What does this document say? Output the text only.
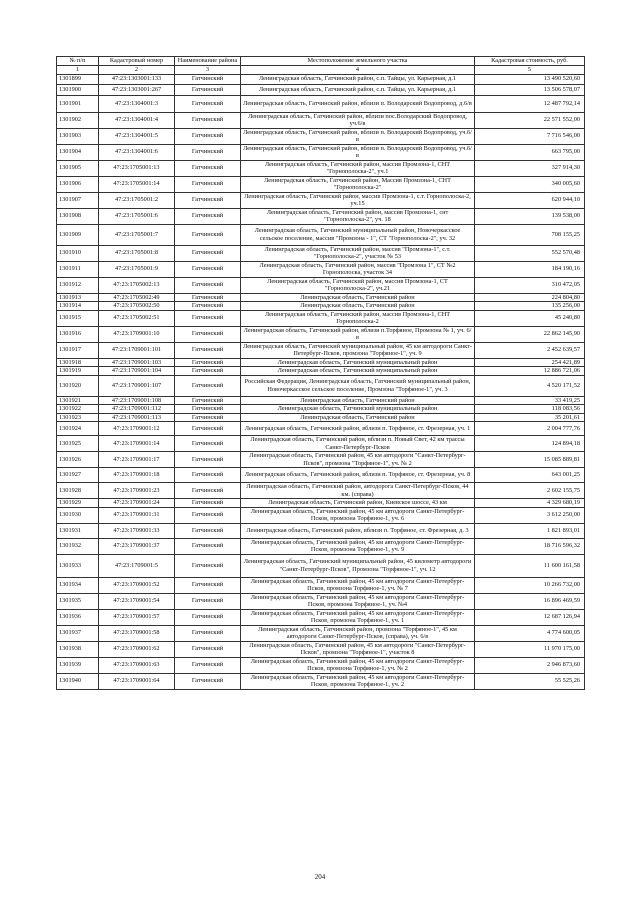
№ п/п	Кадастровый номер	Наименование района	Местоположение земельного участка	Кадастровая стоимость, руб.
1	2	3	4	5
1301899	47:23:1303001:133	Гатчинский	Ленинградская область, Гатчинский район, с.п. Тайцы, ул. Карьерная, д.1	13 490 520,60
1301900	47:23:1303001:267	Гатчинский	Ленинградская область, Гатчинский район, с.п. Тайцы, ул. Карьерная, д.1	13 506 578,07
1301901	47:23:1304001:3	Гатчинский	Ленинградская область, Гатчинский район, вблизи п. Володарский Водопровод, д.6/в	12 487 792,14
1301902	47:23:1304001:4	Гатчинский	Ленинградская область, Гатчинский район, вблизи пос.Володарский Водопровод, уч.6/в	22 571 552,00
1301903	47:23:1304001:5	Гатчинский	Ленинградская область, Гатчинский район, вблизи п. Володарский Водопровод, уч.6/в	7 716 546,00
1301904	47:23:1304001:6	Гатчинский	Ленинградская область, Гатчинский район, вблизи п. Володарский Водопровод, уч.6/в	663 795,00
1301905	47:23:1705001:13	Гатчинский	Ленинградская область, Гатчинский район, массив Промзона-1, СНТ "Горнополоска-2", уч.1	327 914,30
1301906	47:23:1705001:14	Гатчинский	Ленинградская область, Гатчинский район, Массив Промзона-1, СНТ "Горнополоска-2"	340 005,60
1301907	47:23:1705001:2	Гатчинский	Ленинградская область, Гатчинский район, массив Промзона-1, с.т. Горнополоска-2, уч.15	620 944,10
1301908	47:23:1705001:6	Гатчинский	Ленинградская область, Гатчинский район, массив Промзона-1, снт "Горнополоска-2", уч. 18	139 538,00
1301909	47:23:1705001:7	Гатчинский	Ленинградская область, Гатчинский муниципальный район, Новочеркасское сельское поселение, массив "Промзона - 1", СТ "Горнополоска-2", уч. 32	708 155,25
1301910	47:23:1705001:8	Гатчинский	Ленинградская область, Гатчинский район, массив "Промзона-1", с.т. "Горнополоска-2", участок № 53	552 570,48
1301911	47:23:1705001:9	Гатчинский	Ленинградская область, Гатчинский район, массив "Промзона 1", СТ №2 Горнополоска, участок 34	184 190,16
1301912	47:23:1705002:13	Гатчинский	Ленинградская область, Гатчинский район, массив Промзона-1, СТ "Горнополоска-2", уч.21	310 472,05
1301913	47:23:1705002:49	Гатчинский	Ленинградская область, Гатчинский район	224 804,80
1301914	47:23:1705002:50	Гатчинский	Ленинградская область, Гатчинский район	135 256,00
1301915	47:23:1705002:51	Гатчинский	Ленинградская область, Гатчинский район, массив Промзона-1, СНТ Горнополоска-2	45 240,80
1301916	47:23:1709001:10	Гатчинский	Ленинградская область, Гатчинский район, вблизи п.Торфяное, Промзона № 1, уч. 6/в	22 862 145,90
1301917	47:23:1709001:101	Гатчинский	Ленинградская область, Гатчинский муниципальный район, 45 км автодороги Санкт-Петербург-Псков, промзона "Торфяное-1", уч. 9	2 452 639,57
1301918	47:23:1709001:103	Гатчинский	Ленинградская область, Гатчинский муниципальный район	254 421,89
1301919	47:23:1709001:104	Гатчинский	Ленинградская область, Гатчинский муниципальный район	12 886 721,06
1301920	47:23:1709001:107	Гатчинский	Российская Федерация, Ленинградская область, Гатчинский муниципальный район, Новочеркасское сельское поселение, Промзона "Торфяное-1", уч. 3	4 520 171,52
1301921	47:23:1709001:108	Гатчинский	Ленинградская область, Гатчинский район	33 419,25
1301922	47:23:1709001:112	Гатчинский	Ленинградская область, Гатчинский муниципальный район	118 083,56
1301923	47:23:1709001:113	Гатчинский	Ленинградская область, Гатчинский район	35 201,61
1301924	47:23:1709001:12	Гатчинский	Ленинградская область, Гатчинский район, вблизи п. Торфяное, ст. Фрезерная, уч. 1	2 004 777,76
1301925	47:23:1709001:14	Гатчинский	Ленинградская область, Гатчинский район, вблизи п. Новый Свет, 42 км трассы Санкт-Петербург-Псков	124 894,18
1301926	47:23:1709001:17	Гатчинский	Ленинградская область, Гатчинский район, 45 км автодороги "Санкт-Петербург-Псков", промзона "Торфяное-1", уч. № 2	15 085 889,81
1301927	47:23:1709001:18	Гатчинский	Ленинградская область, Гатчинский район, вблизи п. Торфяное, ст. Фрезерная, уч. 8	643 001,25
1301928	47:23:1709001:23	Гатчинский	Ленинградская область, Гатчинский район, автодорога Санкт-Петербург-Псков, 44 км. (справа)	2 602 155,75
1301929	47:23:1709001:24	Гатчинский	Ленинградская область, Гатчинский район, Киевское шоссе, 43 км	4 329 680,19
1301930	47:23:1709001:31	Гатчинский	Ленинградская область, Гатчинский район, 45 км автодороги Санкт-Петербург-Псков, промзона Торфяное-1, уч. 6	3 612 250,00
1301931	47:23:1709001:33	Гатчинский	Ленинградская область, Гатчинский район, вблизи п. Торфяное, ст. Фрезерная, д. 3	1 821 893,01
1301932	47:23:1709001:37	Гатчинский	Ленинградская область, Гатчинский район, 45 км автодороги Санкт-Петербург-Псков, промзона Торфяное-1, уч. 9	18 716 596,32
1301933	47:23:1709001:5	Гатчинский	Ленинградская область, Гатчинский муниципальный район, 45 километр автодороги "Санкт-Петербург-Псков", Промзона "Торфяное-1", уч. 12	11 600 161,58
1301934	47:23:1709001:52	Гатчинский	Ленинградская область, Гатчинский район, 45 км автодороги Санкт-Петербург-Псков, промзона Торфяное-1, уч. № 7	10 266 732,00
1301935	47:23:1709001:54	Гатчинский	Ленинградская область, Гатчинский район, 45 км автодороги Санкт-Петербург-Псков, промзона Торфяное-1, уч. №4	16 896 469,59
1301936	47:23:1709001:57	Гатчинский	Ленинградская область, Гатчинский район, 45 км автодороги Санкт-Петербург-Псков, промзона Торфяное-1, уч. 1	12 687 126,94
1301937	47:23:1709001:58	Гатчинский	Ленинградская область, Гатчинский район, промзона "Торфяное-1", 45 км автодороги Санкт-Петербург-Псков, (справа), уч. 6/в	4 774 600,05
1301938	47:23:1709001:62	Гатчинский	Ленинградская область, Гатчинский район, 45 км автодороги "Санкт-Петербург-Псков", промзона "Торфяное-1", участок 8	11 970 175,00
1301939	47:23:1709001:63	Гатчинский	Ленинградская область, Гатчинский район, 45 км автодороги Санкт-Петербург-Псков, промзона Торфяное-1, уч. № 2	2 946 873,60
1301940	47:23:1709001:64	Гатчинский	Ленинградская область, Гатчинский район, 45 км автодороги Санкт-Петербург-Псков, промзона Торфяное-1, уч. 2	55 525,26
204
